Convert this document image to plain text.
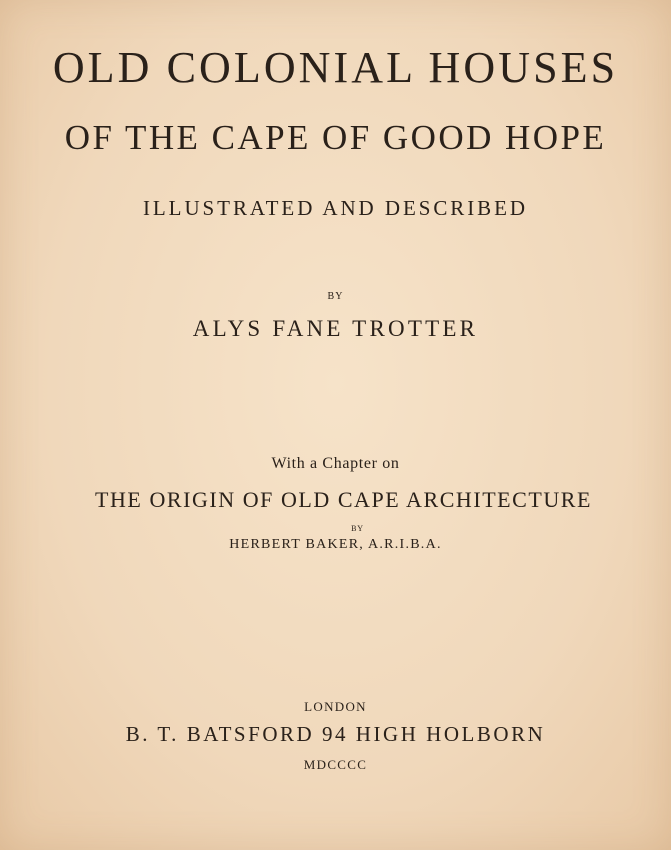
OLD COLONIAL HOUSES
OF THE CAPE OF GOOD HOPE
ILLUSTRATED AND DESCRIBED
BY
ALYS FANE TROTTER
With a Chapter on
THE ORIGIN OF OLD CAPE ARCHITECTURE
BY
HERBERT BAKER, A.R.I.B.A.
LONDON
B. T. BATSFORD 94 HIGH HOLBORN
MDCCCC
